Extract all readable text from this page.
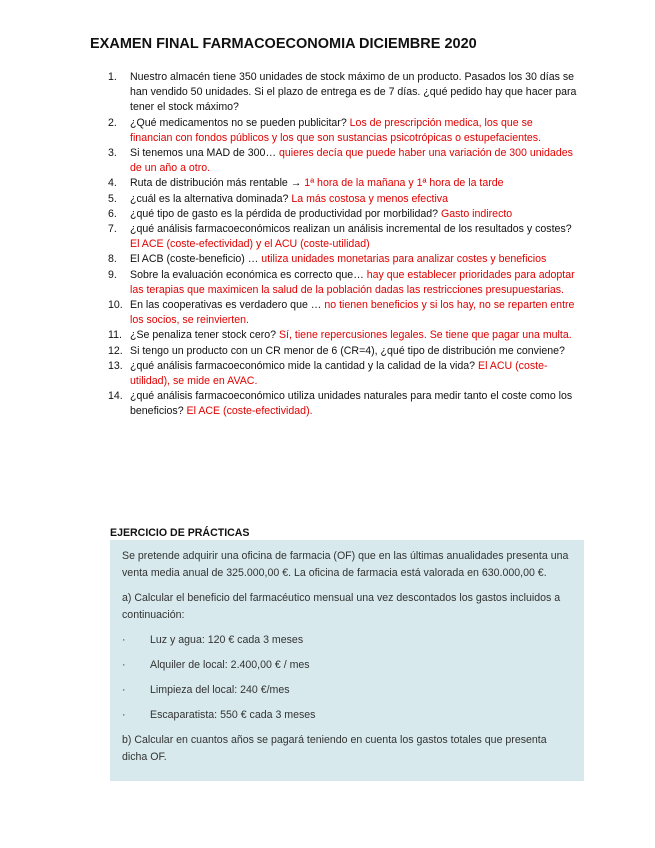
EXAMEN FINAL FARMACOECONOMIA DICIEMBRE 2020
1. Nuestro almacén tiene 350 unidades de stock máximo de un producto. Pasados los 30 días se han vendido 50 unidades. Si el plazo de entrega es de 7 días. ¿qué pedido hay que hacer para tener el stock máximo?
2. ¿Qué medicamentos no se pueden publicitar? Los de prescripción medica, los que se financian con fondos públicos y los que son sustancias psicotrópicas o estupefacientes.
3. Si tenemos una MAD de 300… quieres decía que puede haber una variación de 300 unidades de un año a otro.
4. Ruta de distribución más rentable → 1ª hora de la mañana y 1ª hora de la tarde
5. ¿cuál es la alternativa dominada? La más costosa y menos efectiva
6. ¿qué tipo de gasto es la pérdida de productividad por morbilidad? Gasto indirecto
7. ¿qué análisis farmacoeconómicos realizan un análisis incremental de los resultados y costes? El ACE (coste-efectividad) y el ACU (coste-utilidad)
8. El ACB (coste-beneficio) … utiliza unidades monetarias para analizar costes y beneficios
9. Sobre la evaluación económica es correcto que… hay que establecer prioridades para adoptar las terapias que maximicen la salud de la población dadas las restricciones presupuestarias.
10. En las cooperativas es verdadero que … no tienen beneficios y si los hay, no se reparten entre los socios, se reinvierten.
11. ¿Se penaliza tener stock cero? Sí, tiene repercusiones legales. Se tiene que pagar una multa.
12. Si tengo un producto con un CR menor de 6 (CR=4), ¿qué tipo de distribución me conviene?
13. ¿qué análisis farmacoeconómico mide la cantidad y la calidad de la vida? El ACU (coste-utilidad), se mide en AVAC.
14. ¿qué análisis farmacoeconómico utiliza unidades naturales para medir tanto el coste como los beneficios? El ACE (coste-efectividad).
EJERCICIO DE PRÁCTICAS

Se pretende adquirir una oficina de farmacia (OF) que en las últimas anualidades presenta una venta media anual de 325.000,00 €. La oficina de farmacia está valorada en 630.000,00 €.

a) Calcular el beneficio del farmacéutico mensual una vez descontados los gastos incluidos a continuación:

· Luz y agua: 120 € cada 3 meses

· Alquiler de local: 2.400,00 € / mes

· Limpieza del local: 240 €/mes

· Escaparatista: 550 € cada 3 meses

b) Calcular en cuantos años se pagará teniendo en cuenta los gastos totales que presenta dicha OF.
